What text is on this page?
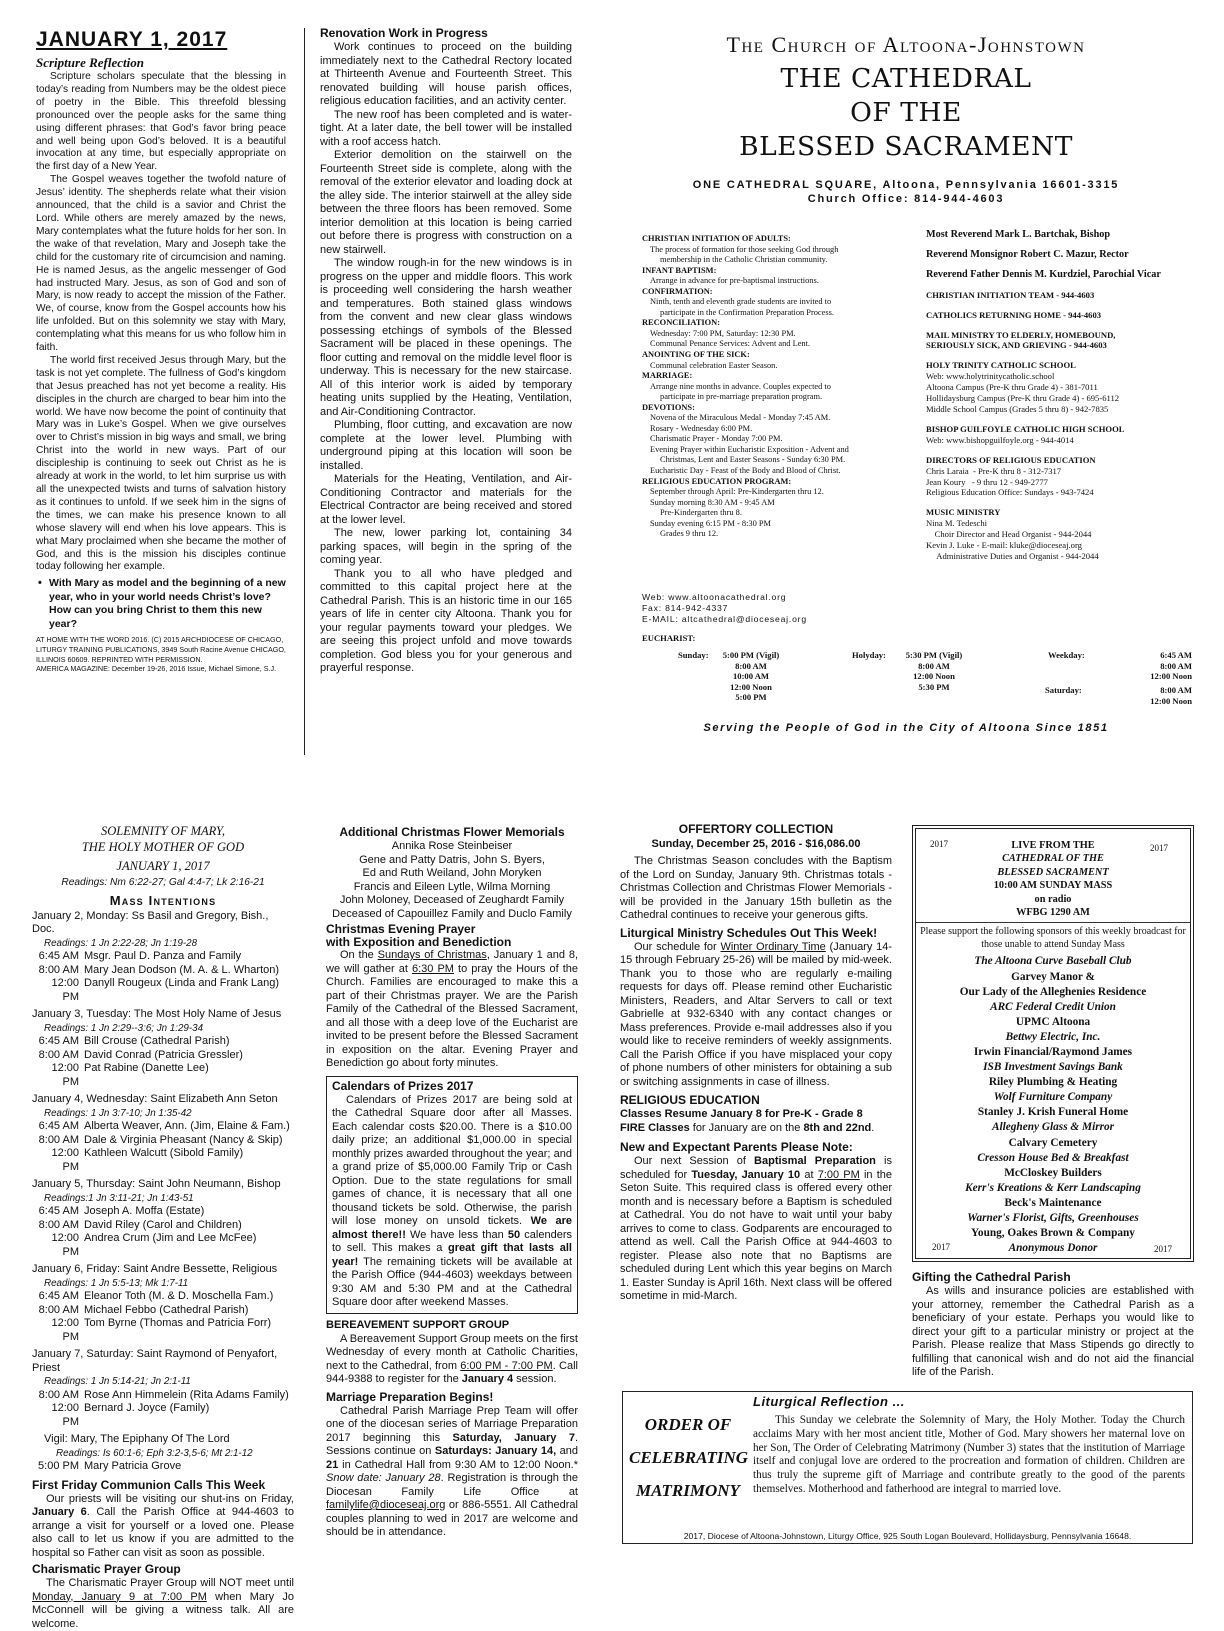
JANUARY 1, 2017
Scripture Reflection

Scripture scholars speculate that the blessing in today’s reading from Numbers may be the oldest piece of poetry in the Bible. This threefold blessing pronounced over the people asks for the same thing using different phrases: that God’s favor bring peace and well being upon God’s beloved. It is a beautiful invocation at any time, but especially appropriate on the first day of a New Year.

The Gospel weaves together the twofold nature of Jesus’ identity. The shepherds relate what their vision announced, that the child is a savior and Christ the Lord. While others are merely amazed by the news, Mary contemplates what the future holds for her son. In the wake of that revelation, Mary and Joseph take the child for the customary rite of circumcision and naming. He is named Jesus, as the angelic messenger of God had instructed Mary. Jesus, as son of God and son of Mary, is now ready to accept the mission of the Father. We, of course, know from the Gospel accounts how his life unfolded. But on this solemnity we stay with Mary, contemplating what this means for us who follow him in faith.

The world first received Jesus through Mary, but the task is not yet complete. The fullness of God’s kingdom that Jesus preached has not yet become a reality. His disciples in the church are charged to bear him into the world. We have now become the point of continuity that Mary was in Luke’s Gospel. When we give ourselves over to Christ’s mission in big ways and small, we bring Christ into the world in new ways. Part of our discipleship is continuing to seek out Christ as he is already at work in the world, to let him surprise us with all the unexpected twists and turns of salvation history as it continues to unfold. If we seek him in the signs of the times, we can make his presence known to all whose slavery will end when his love appears. This is what Mary proclaimed when she became the mother of God, and this is the mission his disciples continue today following her example.

• With Mary as model and the beginning of a new year, who in your world needs Christ’s love? How can you bring Christ to them this new year?

AT HOME WITH THE WORD 2016. (C) 2015 ARCHDIOCESE OF CHICAGO, LITURGY TRAINING PUBLICATIONS, 3949 South Racine Avenue CHICAGO, ILLINOIS 60609. REPRINTED WITH PERMISSION.

AMERICA MAGAZINE: December 19-26, 2016 Issue, Michael Simone, S.J.

Renovation Work in Progress

Work continues to proceed on the building immediately next to the Cathedral Rectory located at Thirteenth Avenue and Fourteenth Street. This renovated building will house parish offices, religious education facilities, and an activity center.

The new roof has been completed and is water-tight. At a later date, the bell tower will be installed with a roof access hatch.

Exterior demolition on the stairwell on the Fourteenth Street side is complete, along with the removal of the exterior elevator and loading dock at the alley side. The interior stairwell at the alley side between the three floors has been removed. Some interior demolition at this location is being carried out before there is progress with construction on a new stairwell.

The window rough-in for the new windows is in progress on the upper and middle floors. This work is proceeding well considering the harsh weather and temperatures. Both stained glass windows from the convent and new clear glass windows possessing etchings of symbols of the Blessed Sacrament will be placed in these openings. The floor cutting and removal on the middle level floor is underway. This is necessary for the new staircase. All of this interior work is aided by temporary heating units supplied by the Heating, Ventilation, and Air-Conditioning Contractor.

Plumbing, floor cutting, and excavation are now complete at the lower level. Plumbing with underground piping at this location will soon be installed.

Materials for the Heating, Ventilation, and Air-Conditioning Contractor and materials for the Electrical Contractor are being received and stored at the lower level.

The new, lower parking lot, containing 34 parking spaces, will begin in the spring of the coming year.

Thank you to all who have pledged and committed to this capital project here at the Cathedral Parish. This is an historic time in our 165 years of life in center city Altoona. Thank you for your regular payments toward your pledges. We are seeing this project unfold and move towards completion. God bless you for your generous and prayerful response.

The Church of Altoona-Johnstown
THE CATHEDRAL
OF THE
BLESSED SACRAMENT
ONE CATHEDRAL SQUARE, Altoona, Pennsylvania 16601-3315
Church Office: 814-944-4603
CHRISTIAN INITIATION OF ADULTS:
The process of formation for those seeking God through
membership in the Catholic Christian community.
INFANT BAPTISM:
Arrange in advance for pre-baptismal instructions.
CONFIRMATION:
Ninth, tenth and eleventh grade students are invited to
participate in the Confirmation Preparation Process.
RECONCILIATION:
Wednesday: 7:00 PM, Saturday: 12:30 PM.
Communal Penance Services: Advent and Lent.
ANOINTING OF THE SICK:
Communal celebration Easter Season.
MARRIAGE:
Arrange nine months in advance. Couples expected to
participate in pre-marriage preparation program.
DEVOTIONS:
Novena of the Miraculous Medal - Monday 7:45 AM.
Rosary - Wednesday 6:00 PM.
Charismatic Prayer - Monday 7:00 PM.
Evening Prayer within Eucharistic Exposition - Advent and
Christmas, Lent and Easter Seasons - Sunday 6:30 PM.
Eucharistic Day - Feast of the Body and Blood of Christ.
RELIGIOUS EDUCATION PROGRAM:
September through April: Pre-Kindergarten thru 12.
Sunday morning 8:30 AM - 9:45 AM
Pre-Kindergarten thru 8.
Sunday evening 6:15 PM - 8:30 PM
Grades 9 thru 12.
Most Reverend Mark L. Bartchak, Bishop
Reverend Monsignor Robert C. Mazur, Rector
Reverend Father Dennis M. Kurdziel, Parochial Vicar
CHRISTIAN INITIATION TEAM - 944-4603
CATHOLICS RETURNING HOME - 944-4603
MAIL MINISTRY TO ELDERLY, HOMEBOUND,
SERIOUSLY SICK, AND GRIEVING - 944-4603
HOLY TRINITY CATHOLIC SCHOOL
Web: www.holytrinitycatholic.school
Altoona Campus (Pre-K thru Grade 4) - 381-7011
Hollidaysburg Campus (Pre-K thru Grade 4) - 695-6112
Middle School Campus (Grades 5 thru 8) - 942-7835
BISHOP GUILFOYLE CATHOLIC HIGH SCHOOL
Web: www.bishopguilfoyle.org - 944-4014
DIRECTORS OF RELIGIOUS EDUCATION
Chris Laraia  - Pre-K thru 8 - 312-7317
Jean Koury   - 9 thru 12 - 949-2777
Religious Education Office: Sundays - 943-7424
MUSIC MINISTRY
Nina M. Tedeschi
Choir Director and Head Organist - 944-2044
Kevin J. Luke - E-mail: kluke@dioceseaj.org
Administrative Duties and Organist - 944-2044
Web: www.altoonacathedral.org
Fax: 814-942-4337
E-MAIL: altcathedral@dioceseaj.org
EUCHARIST:
Sunday:	5:00 PM (Vigil)
8:00 AM
10:00 AM
12:00 Noon
5:00 PM
Holyday:	5:30 PM (Vigil)
8:00 AM
12:00 Noon
5:30 PM
Weekday:	6:45 AM
8:00 AM
12:00 Noon
Saturday:	8:00 AM
12:00 Noon
Serving the People of God in the City of Altoona Since 1851
SOLEMNITY OF MARY,
THE HOLY MOTHER OF GOD
JANUARY 1, 2017
Readings: Nm 6:22-27; Gal 4:4-7; Lk 2:16-21
Mass Intentions
January 2, Monday: Ss Basil and Gregory, Bish., Doc.
Readings: 1 Jn 2:22-28; Jn 1:19-28
6:45 AM Msgr. Paul D. Panza and Family
8:00 AM Mary Jean Dodson (M. A. & L. Wharton)
12:00 PM
Danyll Rougeux (Linda and Frank Lang)
January 3, Tuesday: The Most Holy Name of Jesus
Readings: 1 Jn 2:29--3:6; Jn 1:29-34
6:45 AM Bill Crouse (Cathedral Parish)
8:00 AM David Conrad (Patricia Gressler)
12:00 PM
Pat Rabine (Danette Lee)
January 4, Wednesday: Saint Elizabeth Ann Seton
Readings: 1 Jn 3:7-10; Jn 1:35-42
6:45 AM Alberta Weaver, Ann. (Jim, Elaine & Fam.)
8:00 AM Dale & Virginia Pheasant (Nancy & Skip)
12:00 PM
Kathleen Walcutt (Sibold Family)
January 5, Thursday: Saint John Neumann, Bishop
Readings:1 Jn 3:11-21; Jn 1:43-51
6:45 AM Joseph A. Moffa (Estate)
8:00 AM David Riley (Carol and Children)
12:00 PM
Andrea Crum (Jim and Lee McFee)
January 6, Friday: Saint Andre Bessette, Religious
Readings: 1 Jn 5:5-13; Mk 1:7-11
6:45 AM Eleanor Toth (M. & D. Moschella Fam.)
8:00 AM Michael Febbo (Cathedral Parish)
12:00 PM
Tom Byrne (Thomas and Patricia Forr)
January 7, Saturday: Saint Raymond of Penyafort, Priest
Readings: 1 Jn 5:14-21; Jn 2:1-11
8:00 AM Rose Ann Himmelein (Rita Adams Family)
12:00 PM
Bernard J. Joyce (Family)
Vigil: Mary, The Epiphany Of The Lord
Readings: Is 60:1-6; Eph 3:2-3,5-6; Mt 2:1-12
5:00 PM Mary Patricia Grove
First Friday Communion Calls This Week

Our priests will be visiting our shut-ins on Friday, January 6. Call the Parish Office at 944-4603 to arrange a visit for yourself or a loved one. Please also call to let us know if you are admitted to the hospital so Father can visit as soon as possible.

Charismatic Prayer Group

The Charismatic Prayer Group will NOT meet until Monday, January 9 at 7:00 PM when Mary Jo McConnell will be giving a witness talk. All are welcome.

Additional Christmas Flower Memorials
Annika Rose Steinbeiser
Gene and Patty Datris, John S. Byers,
Ed and Ruth Weiland, John Moryken
Francis and Eileen Lytle, Wilma Morning
John Moloney, Deceased of Zeughardt Family
Deceased of Capouillez Family and Duclo Family
Christmas Evening Prayer
with Exposition and Benediction

On the Sundays of Christmas, January 1 and 8, we will gather at 6:30 PM to pray the Hours of the Church. Families are encouraged to make this a part of their Christmas prayer. We are the Parish Family of the Cathedral of the Blessed Sacrament, and all those with a deep love of the Eucharist are invited to be present before the Blessed Sacrament in exposition on the altar. Evening Prayer and Benediction go about forty minutes.

Calendars of Prizes 2017

Calendars of Prizes 2017 are being sold at the Cathedral Square door after all Masses. Each calendar costs $20.00. There is a $10.00 daily prize; an additional $1,000.00 in special monthly prizes awarded throughout the year; and a grand prize of $5,000.00 Family Trip or Cash Option. Due to the state regulations for small games of chance, it is necessary that all one thousand tickets be sold. Otherwise, the parish will lose money on unsold tickets. We are almost there!! We have less than 50 calenders to sell. This makes a great gift that lasts all year! The remaining tickets will be available at the Parish Office (944-4603) weekdays between 9:30 AM and 5:30 PM and at the Cathedral Square door after weekend Masses.

BEREAVEMENT SUPPORT GROUP

A Bereavement Support Group meets on the first Wednesday of every month at Catholic Charities, next to the Cathedral, from 6:00 PM - 7:00 PM. Call 944-9388 to register for the January 4 session.

Marriage Preparation Begins!

Cathedral Parish Marriage Prep Team will offer one of the diocesan series of Marriage Preparation 2017 beginning this Saturday, January 7. Sessions continue on Saturdays: January 14, and 21 in Cathedral Hall from 9:30 AM to 12:00 Noon.* Snow date: January 28. Registration is through the Diocesan Family Life Office at familylife@dioceseaj.org or 886-5551. All Cathedral couples planning to wed in 2017 are welcome and should be in attendance.

OFFERTORY COLLECTION
Sunday, December 25, 2016 - $16,086.00

The Christmas Season concludes with the Baptism of the Lord on Sunday, January 9th. Christmas totals - Christmas Collection and Christmas Flower Memorials - will be provided in the January 15th bulletin as the Cathedral continues to receive your generous gifts.

Liturgical Ministry Schedules Out This Week!

Our schedule for Winter Ordinary Time (January 14-15 through February 25-26) will be mailed by mid-week. Thank you to those who are regularly e-mailing requests for days off. Please remind other Eucharistic Ministers, Readers, and Altar Servers to call or text Gabrielle at 932-6340 with any contact changes or Mass preferences. Provide e-mail addresses also if you would like to receive reminders of weekly assignments. Call the Parish Office if you have misplaced your copy of phone numbers of other ministers for obtaining a sub or switching assignments in case of illness.

RELIGIOUS EDUCATION
Classes Resume January 8 for Pre-K - Grade 8

FIRE Classes for January are on the 8th and 22nd.

New and Expectant Parents Please Note:

Our next Session of Baptismal Preparation is scheduled for Tuesday, January 10 at 7:00 PM in the Seton Suite. This required class is offered every other month and is necessary before a Baptism is scheduled at Cathedral. You do not have to wait until your baby arrives to come to class. Godparents are encouraged to attend as well. Call the Parish Office at 944-4603 to register. Please also note that no Baptisms are scheduled during Lent which this year begins on March 1. Easter Sunday is April 16th. Next class will be offered sometime in mid-March.

2017	2017
LIVE FROM THE
CATHEDRAL OF THE
BLESSED SACRAMENT
10:00 AM SUNDAY MASS
on radio
WFBG 1290 AM
Please support the following sponsors of this weekly broadcast for those unable to attend Sunday Mass
The Altoona Curve Baseball Club
Garvey Manor &
Our Lady of the Alleghenies Residence
ARC Federal Credit Union
UPMC Altoona
Bettwy Electric, Inc.
Irwin Financial/Raymond James
ISB Investment Savings Bank
Riley Plumbing & Heating
Wolf Furniture Company
Stanley J. Krish Funeral Home
Allegheny Glass & Mirror
Calvary Cemetery
Cresson House Bed & Breakfast
McCloskey Builders
Kerr's Kreations & Kerr Landscaping
Beck's Maintenance
Warner's Florist, Gifts, Greenhouses
Young, Oakes Brown & Company
Anonymous Donor
2017	2017
Gifting the Cathedral Parish

As wills and insurance policies are established with your attorney, remember the Cathedral Parish as a beneficiary of your estate. Perhaps you would like to direct your gift to a particular ministry or project at the Parish. Please realize that Mass Stipends go directly to fulfilling that canonical wish and do not aid the financial life of the Parish.

Liturgical Reflection ...
ORDER OF
CELEBRATING
MATRIMONY

This Sunday we celebrate the Solemnity of Mary, the Holy Mother. Today the Church acclaims Mary with her most ancient title, Mother of God. Mary showers her maternal love on her Son, The Order of Celebrating Matrimony (Number 3) states that the institution of Marriage itself and conjugal love are ordered to the procreation and formation of children. Children are thus truly the supreme gift of Marriage and contribute greatly to the good of the parents themselves. Motherhood and fatherhood are integral to married love.

2017, Diocese of Altoona-Johnstown, Liturgy Office, 925 South Logan Boulevard, Hollidaysburg, Pennsylvania 16648.
